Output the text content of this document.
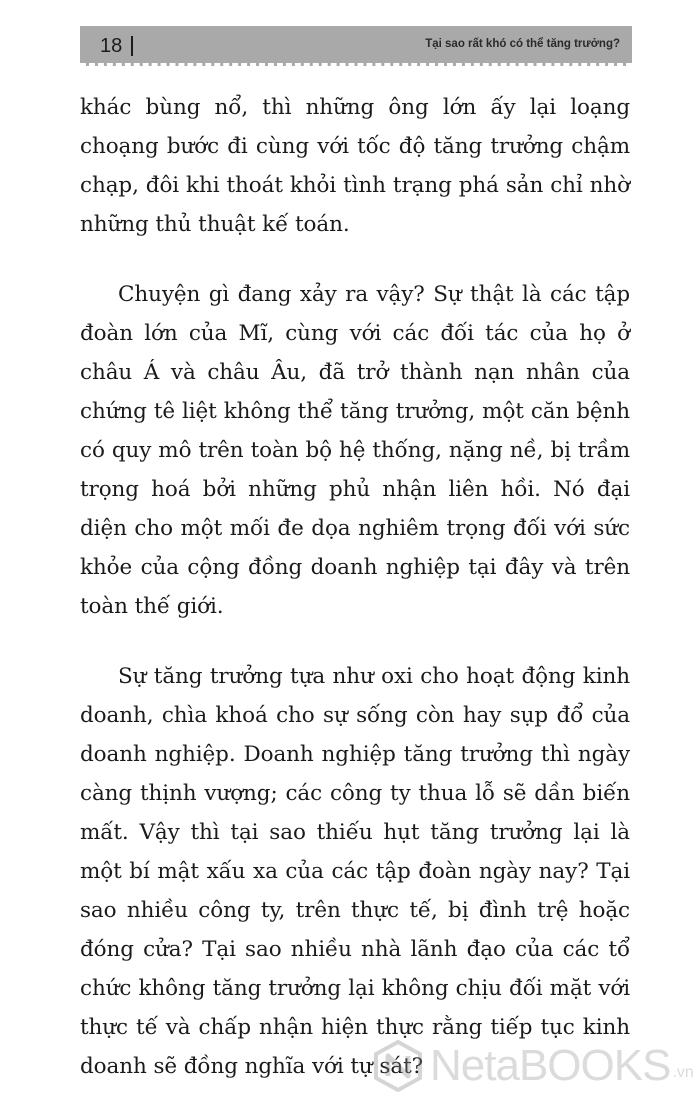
18	Tại sao rất khó có thể tăng trưởng?

khác bùng nổ, thì những ông lớn ấy lại loạng choạng bước đi cùng với tốc độ tăng trưởng chậm chạp, đôi khi thoát khỏi tình trạng phá sản chỉ nhờ những thủ thuật kế toán.

Chuyện gì đang xảy ra vậy? Sự thật là các tập đoàn lớn của Mĩ, cùng với các đối tác của họ ở châu Á và châu Âu, đã trở thành nạn nhân của chứng tê liệt không thể tăng trưởng, một căn bệnh có quy mô trên toàn bộ hệ thống, nặng nề, bị trầm trọng hoá bởi những phủ nhận liên hồi. Nó đại diện cho một mối đe dọa nghiêm trọng đối với sức khỏe của cộng đồng doanh nghiệp tại đây và trên toàn thế giới.

Sự tăng trưởng tựa như oxi cho hoạt động kinh doanh, chìa khoá cho sự sống còn hay sụp đổ của doanh nghiệp. Doanh nghiệp tăng trưởng thì ngày càng thịnh vượng; các công ty thua lỗ sẽ dần biến mất. Vậy thì tại sao thiếu hụt tăng trưởng lại là một bí mật xấu xa của các tập đoàn ngày nay? Tại sao nhiều công ty, trên thực tế, bị đình trệ hoặc đóng cửa? Tại sao nhiều nhà lãnh đạo của các tổ chức không tăng trưởng lại không chịu đối mặt với thực tế và chấp nhận hiện thực rằng tiếp tục kinh doanh sẽ đồng nghĩa với tự sát? NetaBOOKS .vn
